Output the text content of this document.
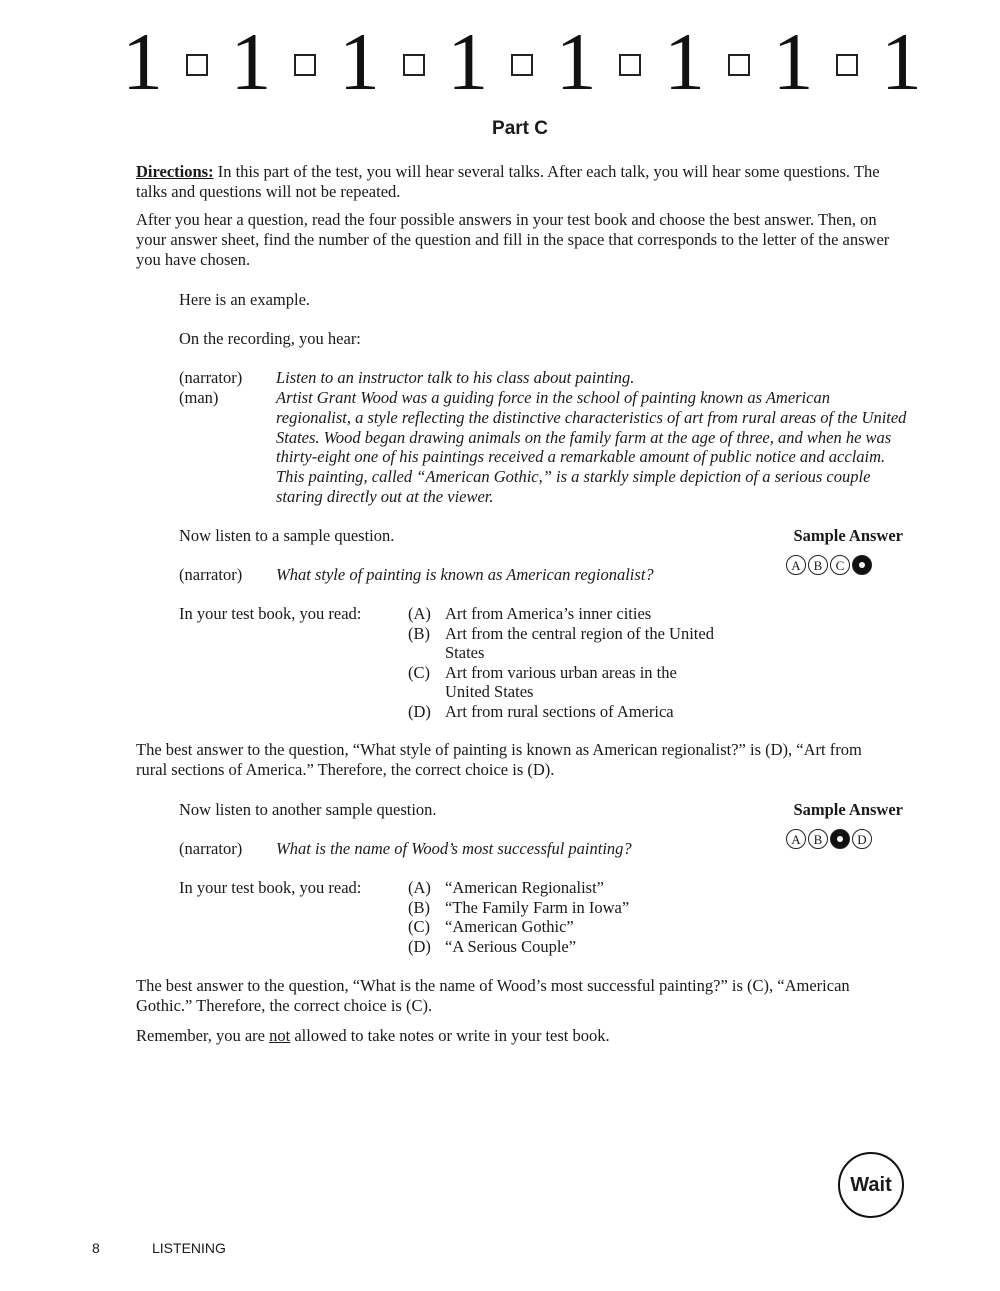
1 1 1 1 1 1 1 1
Part C

Directions: In this part of the test, you will hear several talks. After each talk, you will hear some questions. The talks and questions will not be repeated.

After you hear a question, read the four possible answers in your test book and choose the best answer. Then, on your answer sheet, find the number of the question and fill in the space that corresponds to the letter of the answer you have chosen.

Here is an example.

On the recording, you hear:

(narrator) Listen to an instructor talk to his class about painting.
(man)	Artist Grant Wood was a guiding force in the school of painting known as American regionalist, a style reflecting the distinctive characteristics of art from rural areas of the United States. Wood began drawing animals on the family farm at the age of three, and when he was thirty-eight one of his paintings received a remarkable amount of public notice and acclaim. This painting, called “American Gothic,” is a starkly simple depiction of a serious couple staring directly out at the viewer.

Now listen to a sample question.	Sample Answer
A B	C
(narrator) What style of painting is known as American regionalist?

In your test book, you read:	(A) Art from America’s inner cities
(B) Art from the central region of the United States
(C) Art from various urban areas in the United States
(D) Art from rural sections of America

The best answer to the question, “What style of painting is known as American regionalist?” is (D), “Art from rural sections of America.” Therefore, the correct choice is (D).

Now listen to another sample question.	Sample Answer
A B	D
(narrator) What is the name of Wood’s most successful painting?

In your test book, you read:	(A) “American Regionalist”
(B) “The Family Farm in Iowa”
(C) “American Gothic”
(D) “A Serious Couple”

The best answer to the question, “What is the name of Wood’s most successful painting?” is (C), “American Gothic.” Therefore, the correct choice is (C).

Remember, you are not allowed to take notes or write in your test book.

Wait
8	LISTENING
